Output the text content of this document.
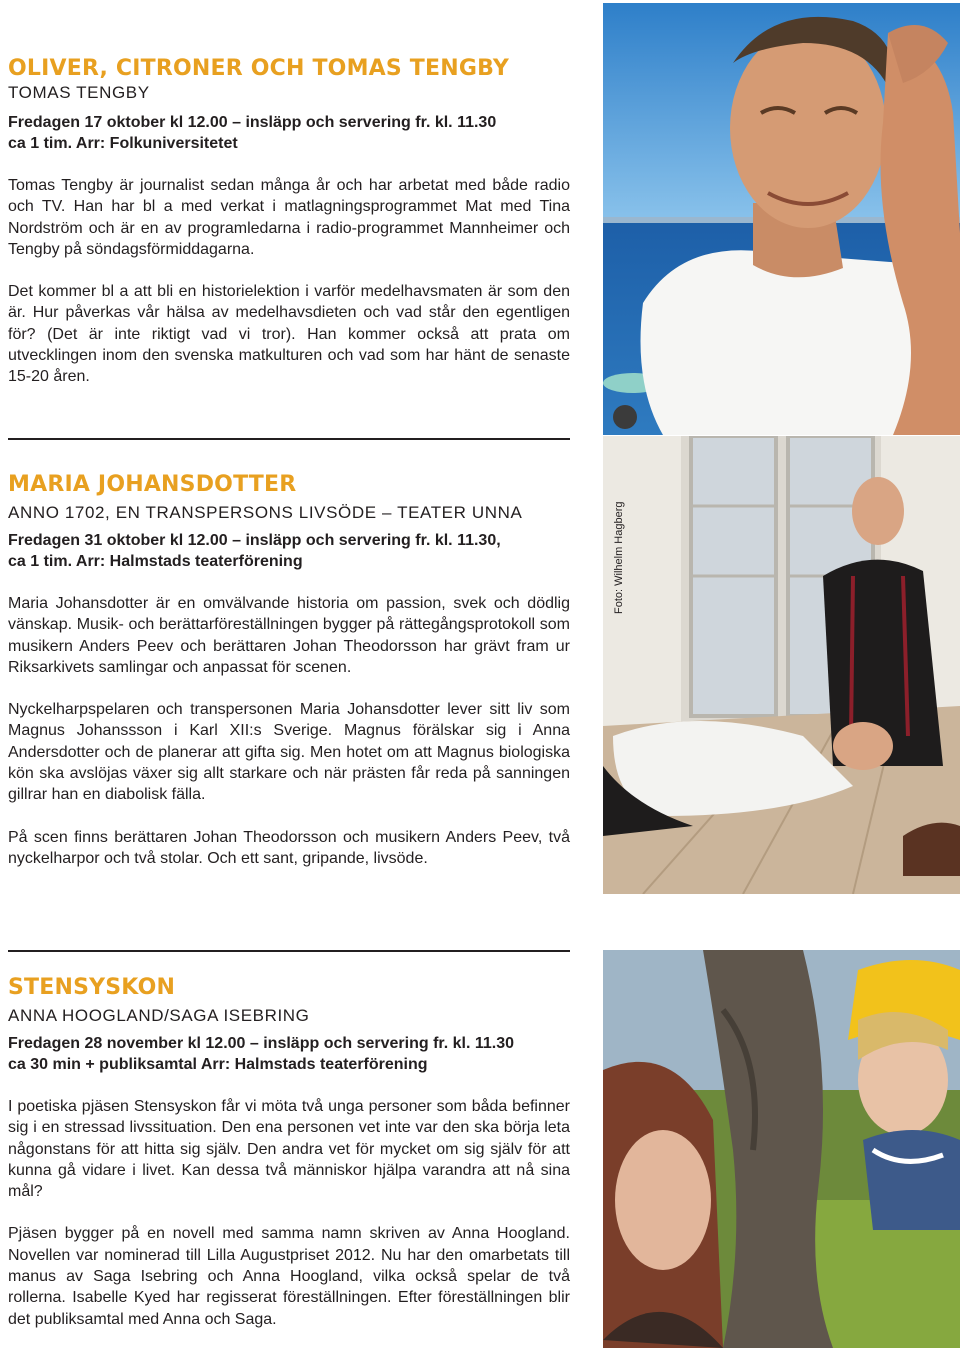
OLIVER, CITRONER OCH TOMAS TENGBY

TOMAS TENGBY

Fredagen 17 oktober kl 12.00 – insläpp och servering fr. kl. 11.30

ca 1 tim. Arr: Folkuniversitetet

Tomas Tengby är journalist sedan många år och har arbetat med både radio och TV. Han har bl a med verkat i matlagningsprogrammet Mat med Tina Nordström och är en av programledarna i radio-programmet Mannheimer och Tengby på söndagsförmiddagarna.

Det kommer bl a att bli en historielektion i varför medelhavsmaten är som den är. Hur påverkas vår hälsa av medelhavsdieten och vad står den egentligen för? (Det är inte riktigt vad vi tror). Han kommer också att prata om utvecklingen inom den svenska matkulturen och vad som har hänt de senaste 15-20 åren.

MARIA JOHANSDOTTER

ANNO 1702, EN TRANSPERSONS LIVSÖDE – TEATER UNNA

Fredagen 31 oktober kl 12.00 – insläpp och servering fr. kl. 11.30,

ca 1 tim. Arr: Halmstads teaterförening

Maria Johansdotter är en omvälvande historia om passion, svek och dödlig vänskap. Musik- och berättarföreställningen bygger på rättegångsprotokoll som musikern Anders Peev och berättaren Johan Theodorsson har grävt fram ur Riksarkivets samlingar och anpassat för scenen.

Nyckelharpspelaren och transpersonen Maria Johansdotter lever sitt liv som Magnus Johanssson i Karl XII:s Sverige. Magnus förälskar sig i Anna Andersdotter och de planerar att gifta sig. Men hotet om att Magnus biologiska kön ska avslöjas växer sig allt starkare och när prästen får reda på sanningen gillrar han en diabolisk fälla.

På scen finns berättaren Johan Theodorsson och musikern Anders Peev, två nyckelharpor och två stolar. Och ett sant, gripande, livsöde.

Foto: Wilhelm Hagberg
STENSYSKON

ANNA HOOGLAND/SAGA ISEBRING

Fredagen 28 november kl 12.00 – insläpp och servering fr. kl. 11.30

ca 30 min + publiksamtal Arr: Halmstads teaterförening

I poetiska pjäsen Stensyskon får vi möta två unga personer som båda befinner sig i en stressad livssituation. Den ena personen vet inte var den ska börja leta någonstans för att hitta sig själv. Den andra vet för mycket om sig själv för att kunna gå vidare i livet. Kan dessa två människor hjälpa varandra att nå sina mål?

Pjäsen bygger på en novell med samma namn skriven av Anna Hoogland. Novellen var nominerad till Lilla Augustpriset 2012. Nu har den omarbetats till manus av Saga Isebring och Anna Hoogland, vilka också spelar de två rollerna. Isabelle Kyed har regisserat föreställningen. Efter föreställningen blir det publiksamtal med Anna och Saga.
